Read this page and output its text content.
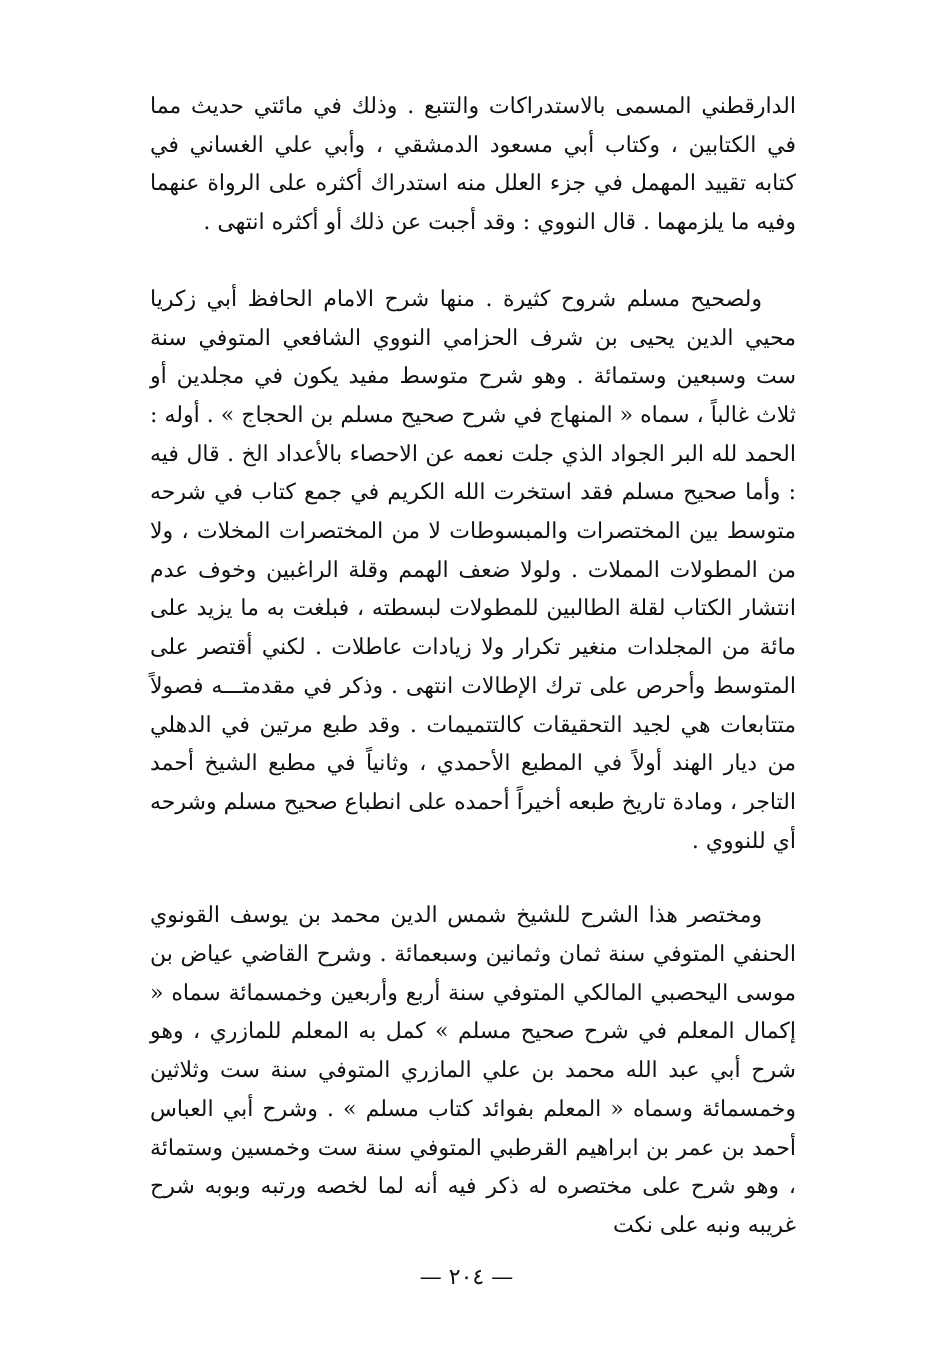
الدارقطني المسمى بالاستدراكات والتتبع . وذلك في مائتي حديث مما في الكتابين ، وكتاب أبي مسعود الدمشقي ، وأبي علي الغساني في كتابه تقييد المهمل في جزء العلل منه استدراك أكثره على الرواة عنهما وفيه ما يلزمهما . قال النووي : وقد أجبت عن ذلك أو أكثره انتهى .

ولصحيح مسلم شروح كثيرة . منها شرح الامام الحافظ أبي زكريا محيي الدين يحيى بن شرف الحزامي النووي الشافعي المتوفي سنة ست وسبعين وستمائة . وهو شرح متوسط مفيد يكون في مجلدين أو ثلاث غالباً ، سماه « المنهاج في شرح صحيح مسلم بن الحجاج » . أوله : الحمد لله البر الجواد الذي جلت نعمه عن الاحصاء بالأعداد الخ . قال فيه : وأما صحيح مسلم فقد استخرت الله الكريم في جمع كتاب في شرحه متوسط بين المختصرات والمبسوطات لا من المختصرات المخلات ، ولا من المطولات المملات . ولولا ضعف الهمم وقلة الراغبين وخوف عدم انتشار الكتاب لقلة الطالبين للمطولات لبسطته ، فبلغت به ما يزيد على مائة من المجلدات منغير تكرار ولا زيادات عاطلات . لكني أقتصر على المتوسط وأحرص على ترك الإطالات انتهى . وذكر في مقدمتـــه فصولاً متتابعات هي لجيد التحقيقات كالتتميمات . وقد طبع مرتين في الدهلي من ديار الهند أولاً في المطبع الأحمدي ، وثانياً في مطبع الشيخ أحمد التاجر ، ومادة تاريخ طبعه أخيراً أحمده على انطباع صحيح مسلم وشرحه أي للنووي .

ومختصر هذا الشرح للشيخ شمس الدين محمد بن يوسف القونوي الحنفي المتوفي سنة ثمان وثمانين وسبعمائة . وشرح القاضي عياض بن موسى اليحصبي المالكي المتوفي سنة أربع وأربعين وخمسمائة سماه « إكمال المعلم في شرح صحيح مسلم » كمل به المعلم للمازري ، وهو شرح أبي عبد الله محمد بن علي المازري المتوفي سنة ست وثلاثين وخمسمائة وسماه « المعلم بفوائد كتاب مسلم » . وشرح أبي العباس أحمد بن عمر بن ابراهيم القرطبي المتوفي سنة ست وخمسين وستمائة ، وهو شرح على مختصره له ذكر فيه أنه لما لخصه ورتبه وبوبه شرح غريبه ونبه على نكت

— ٢٠٤ —
